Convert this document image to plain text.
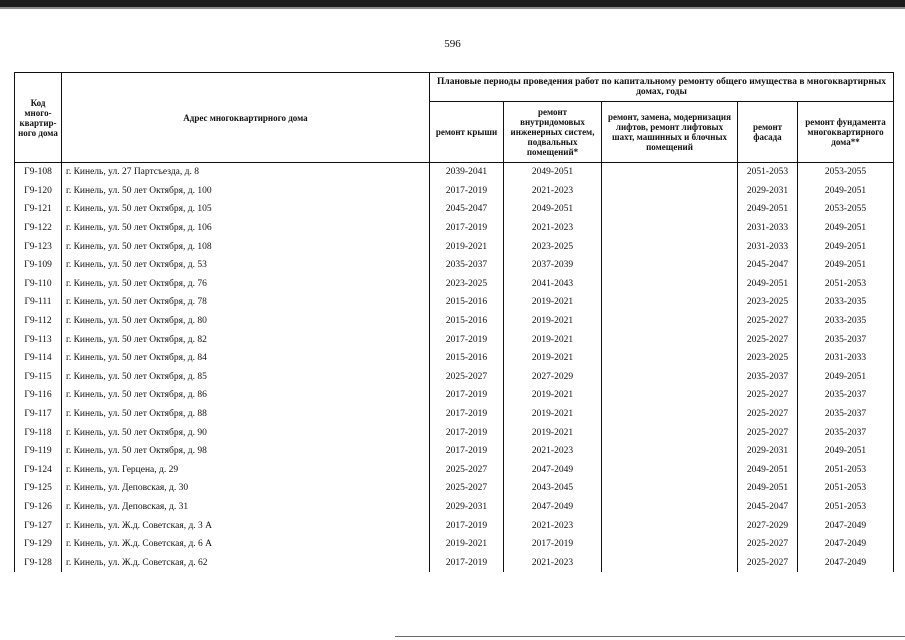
596
Код много-квартир-ного дома	Адрес многоквартирного дома	Плановые периоды проведения работ по капитальному ремонту общего имущества в многоквартирных домах, годы				
		ремонт крыши	ремонт внутридомовых инженерных систем, подвальных помещений*	ремонт, замена, модернизация лифтов, ремонт лифтовых шахт, машинных и блочных помещений	ремонт фасада	ремонт фундамента многоквартирного дома**
Г9-108	г. Кинель, ул. 27 Партсъезда, д. 8	2039-2041	2049-2051		2051-2053	2053-2055
Г9-120	г. Кинель, ул. 50 лет Октября, д. 100	2017-2019	2021-2023		2029-2031	2049-2051
Г9-121	г. Кинель, ул. 50 лет Октября, д. 105	2045-2047	2049-2051		2049-2051	2053-2055
Г9-122	г. Кинель, ул. 50 лет Октября, д. 106	2017-2019	2021-2023		2031-2033	2049-2051
Г9-123	г. Кинель, ул. 50 лет Октября, д. 108	2019-2021	2023-2025		2031-2033	2049-2051
Г9-109	г. Кинель, ул. 50 лет Октября, д. 53	2035-2037	2037-2039		2045-2047	2049-2051
Г9-110	г. Кинель, ул. 50 лет Октября, д. 76	2023-2025	2041-2043		2049-2051	2051-2053
Г9-111	г. Кинель, ул. 50 лет Октября, д. 78	2015-2016	2019-2021		2023-2025	2033-2035
Г9-112	г. Кинель, ул. 50 лет Октября, д. 80	2015-2016	2019-2021		2025-2027	2033-2035
Г9-113	г. Кинель, ул. 50 лет Октября, д. 82	2017-2019	2019-2021		2025-2027	2035-2037
Г9-114	г. Кинель, ул. 50 лет Октября, д. 84	2015-2016	2019-2021		2023-2025	2031-2033
Г9-115	г. Кинель, ул. 50 лет Октября, д. 85	2025-2027	2027-2029		2035-2037	2049-2051
Г9-116	г. Кинель, ул. 50 лет Октября, д. 86	2017-2019	2019-2021		2025-2027	2035-2037
Г9-117	г. Кинель, ул. 50 лет Октября, д. 88	2017-2019	2019-2021		2025-2027	2035-2037
Г9-118	г. Кинель, ул. 50 лет Октября, д. 90	2017-2019	2019-2021		2025-2027	2035-2037
Г9-119	г. Кинель, ул. 50 лет Октября, д. 98	2017-2019	2021-2023		2029-2031	2049-2051
Г9-124	г. Кинель, ул. Герцена, д. 29	2025-2027	2047-2049		2049-2051	2051-2053
Г9-125	г. Кинель, ул. Деповская, д. 30	2025-2027	2043-2045		2049-2051	2051-2053
Г9-126	г. Кинель, ул. Деповская, д. 31	2029-2031	2047-2049		2045-2047	2051-2053
Г9-127	г. Кинель, ул. Ж.д. Советская, д. 3 А	2017-2019	2021-2023		2027-2029	2047-2049
Г9-129	г. Кинель, ул. Ж.д. Советская, д. 6 А	2019-2021	2017-2019		2025-2027	2047-2049
Г9-128	г. Кинель, ул. Ж.д. Советская, д. 62	2017-2019	2021-2023		2025-2027	2047-2049
